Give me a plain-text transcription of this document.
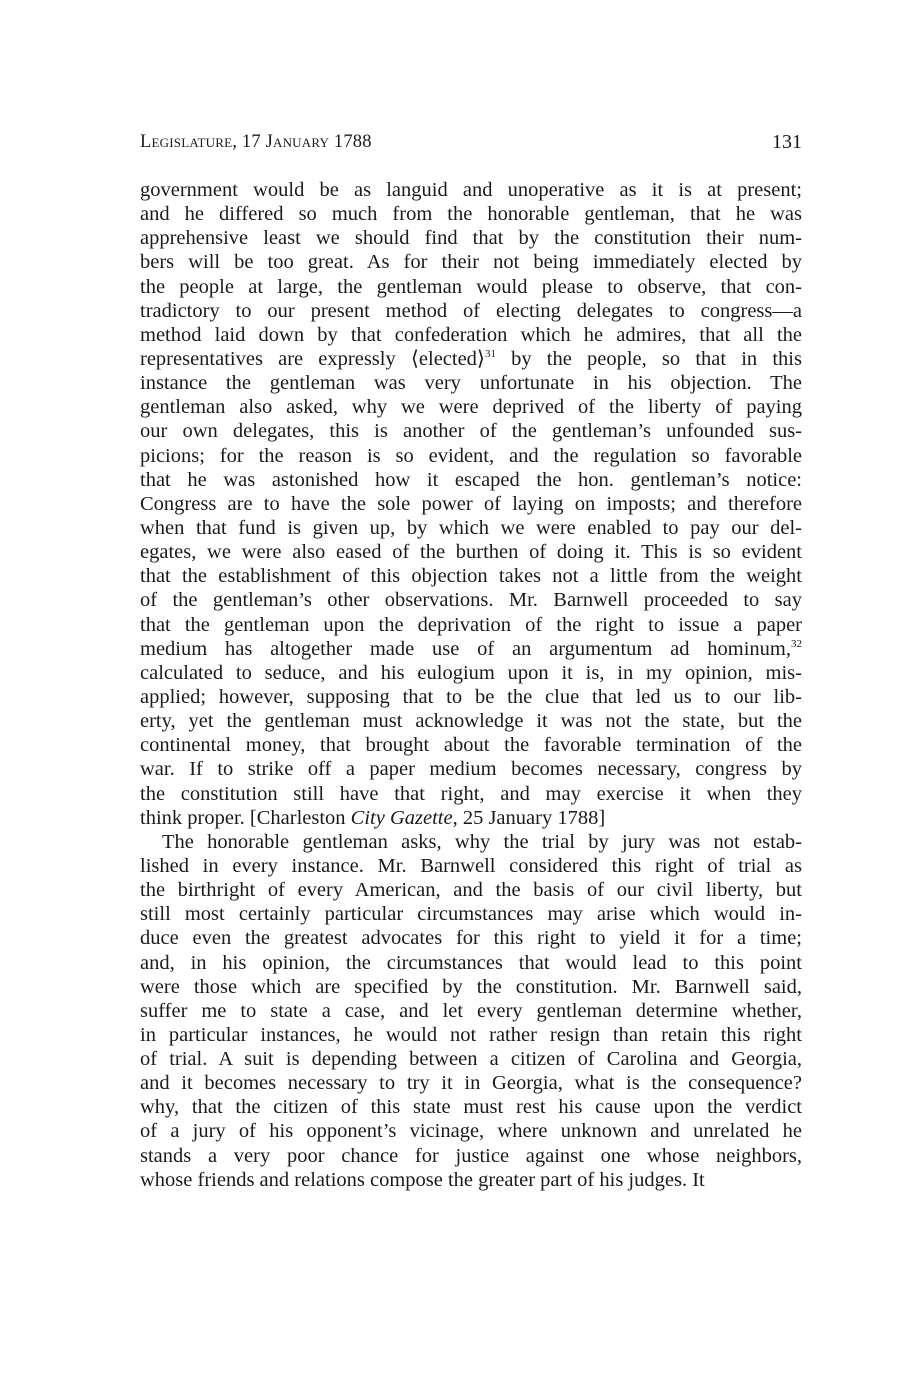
Legislature, 17 January 1788	131
government would be as languid and unoperative as it is at present;
and he differed so much from the honorable gentleman, that he was
apprehensive least we should find that by the constitution their num-
bers will be too great. As for their not being immediately elected by
the people at large, the gentleman would please to observe, that con-
tradictory to our present method of electing delegates to congress—a
method laid down by that confederation which he admires, that all the
representatives are expressly ⟨elected⟩$^{31}$ by the people, so that in this
instance the gentleman was very unfortunate in his objection. The
gentleman also asked, why we were deprived of the liberty of paying
our own delegates, this is another of the gentleman’s unfounded sus-
picions; for the reason is so evident, and the regulation so favorable
that he was astonished how it escaped the hon. gentleman’s notice:
Congress are to have the sole power of laying on imposts; and therefore
when that fund is given up, by which we were enabled to pay our del-
egates, we were also eased of the burthen of doing it. This is so evident
that the establishment of this objection takes not a little from the weight
of the gentleman’s other observations. Mr. Barnwell proceeded to say
that the gentleman upon the deprivation of the right to issue a paper
medium has altogether made use of an argumentum ad hominum,$^{32}$
calculated to seduce, and his eulogium upon it is, in my opinion, mis-
applied; however, supposing that to be the clue that led us to our lib-
erty, yet the gentleman must acknowledge it was not the state, but the
continental money, that brought about the favorable termination of the
war. If to strike off a paper medium becomes necessary, congress by
the constitution still have that right, and may exercise it when they
think proper. [Charleston City Gazette, 25 January 1788]
The honorable gentleman asks, why the trial by jury was not estab-
lished in every instance. Mr. Barnwell considered this right of trial as
the birthright of every American, and the basis of our civil liberty, but
still most certainly particular circumstances may arise which would in-
duce even the greatest advocates for this right to yield it for a time;
and, in his opinion, the circumstances that would lead to this point
were those which are specified by the constitution. Mr. Barnwell said,
suffer me to state a case, and let every gentleman determine whether,
in particular instances, he would not rather resign than retain this right
of trial. A suit is depending between a citizen of Carolina and Georgia,
and it becomes necessary to try it in Georgia, what is the consequence?
why, that the citizen of this state must rest his cause upon the verdict
of a jury of his opponent’s vicinage, where unknown and unrelated he
stands a very poor chance for justice against one whose neighbors,
whose friends and relations compose the greater part of his judges. It
